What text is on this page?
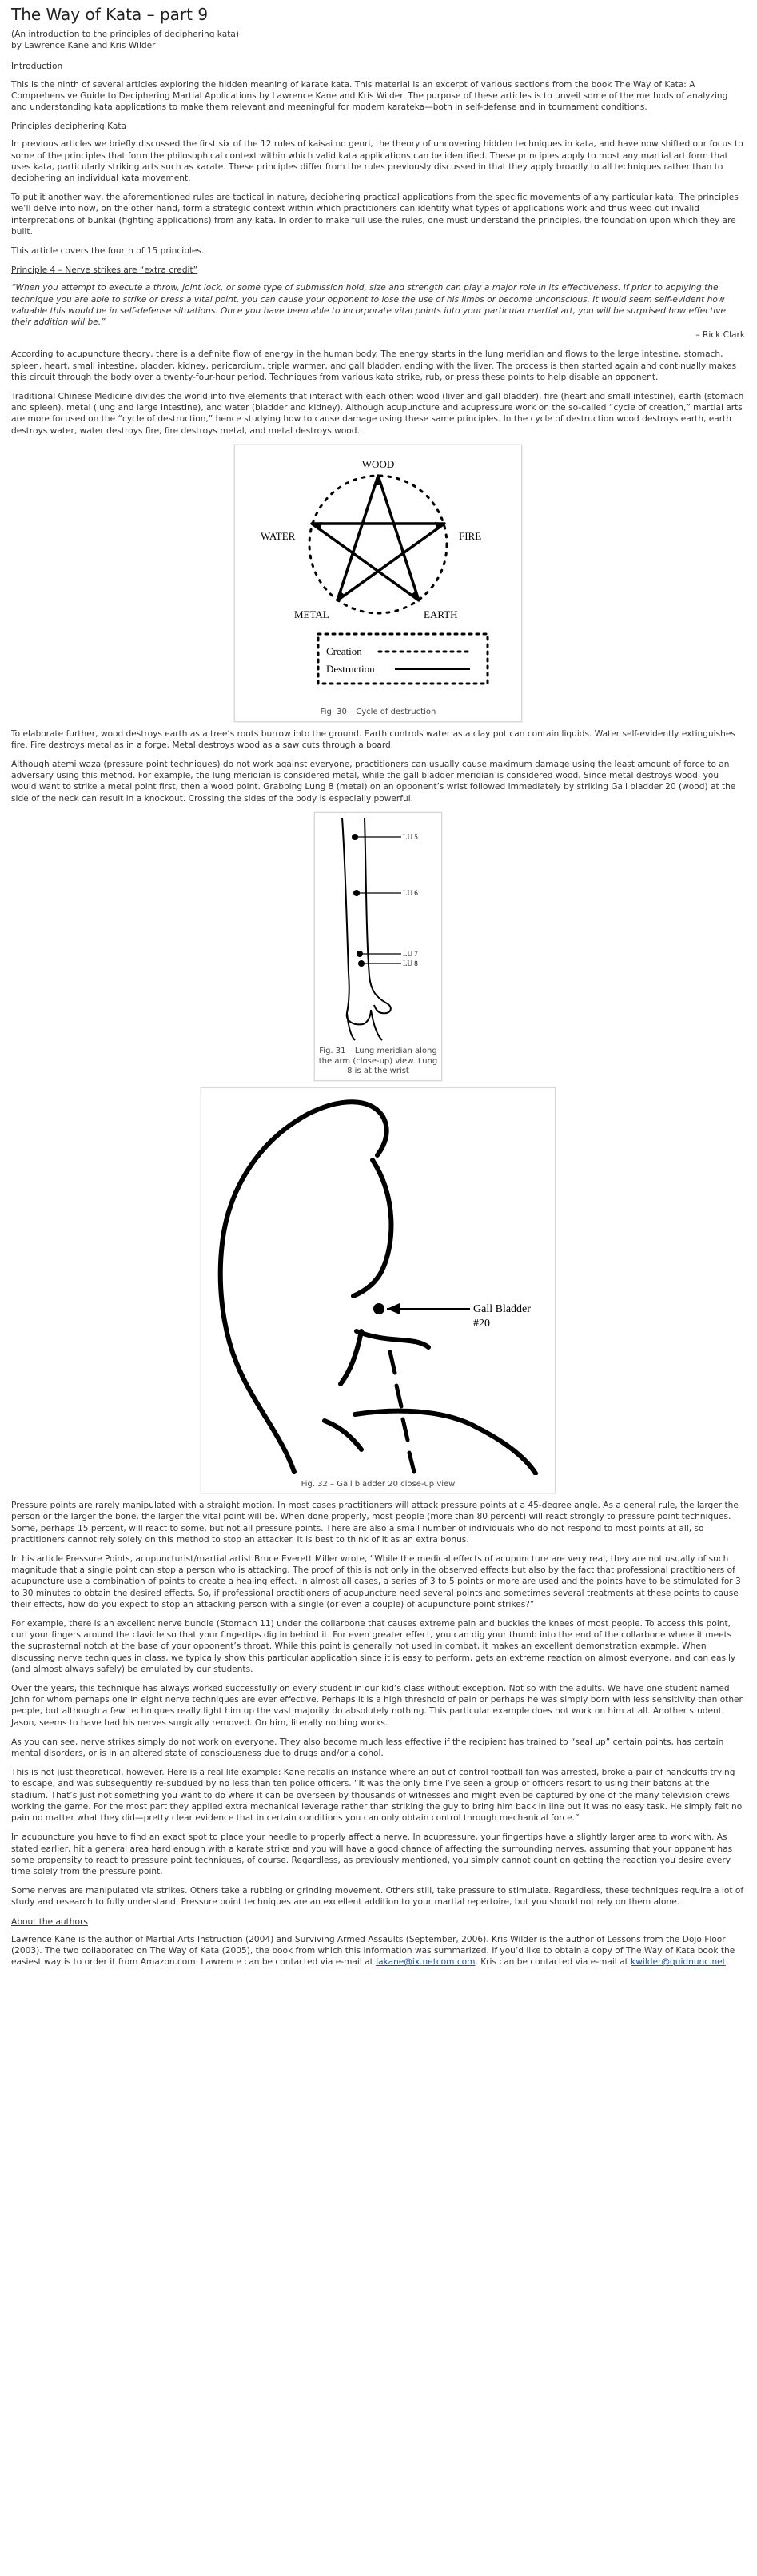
The Way of Kata – part 9
(An introduction to the principles of deciphering kata)
by Lawrence Kane and Kris Wilder
Introduction

This is the ninth of several articles exploring the hidden meaning of karate kata. This material is an excerpt of various sections from the book The Way of Kata: A Comprehensive Guide to Deciphering Martial Applications by Lawrence Kane and Kris Wilder. The purpose of these articles is to unveil some of the methods of analyzing and understanding kata applications to make them relevant and meaningful for modern karateka—both in self-defense and in tournament conditions.

Principles deciphering Kata

In previous articles we briefly discussed the first six of the 12 rules of kaisai no genri, the theory of uncovering hidden techniques in kata, and have now shifted our focus to some of the principles that form the philosophical context within which valid kata applications can be identified. These principles apply to most any martial art form that uses kata, particularly striking arts such as karate. These principles differ from the rules previously discussed in that they apply broadly to all techniques rather than to deciphering an individual kata movement.

To put it another way, the aforementioned rules are tactical in nature, deciphering practical applications from the specific movements of any particular kata. The principles we’ll delve into now, on the other hand, form a strategic context within which practitioners can identify what types of applications work and thus weed out invalid interpretations of bunkai (fighting applications) from any kata. In order to make full use the rules, one must understand the principles, the foundation upon which they are built.

This article covers the fourth of 15 principles.

Principle 4 – Nerve strikes are “extra credit”

“When you attempt to execute a throw, joint lock, or some type of submission hold, size and strength can play a major role in its effectiveness. If prior to applying the technique you are able to strike or press a vital point, you can cause your opponent to lose the use of his limbs or become unconscious. It would seem self-evident how valuable this would be in self-defense situations. Once you have been able to incorporate vital points into your particular martial art, you will be surprised how effective their addition will be.”

– Rick Clark

According to acupuncture theory, there is a definite flow of energy in the human body. The energy starts in the lung meridian and flows to the large intestine, stomach, spleen, heart, small intestine, bladder, kidney, pericardium, triple warmer, and gall bladder, ending with the liver. The process is then started again and continually makes this circuit through the body over a twenty-four-hour period. Techniques from various kata strike, rub, or press these points to help disable an opponent.

Traditional Chinese Medicine divides the world into five elements that interact with each other: wood (liver and gall bladder), fire (heart and small intestine), earth (stomach and spleen), metal (lung and large intestine), and water (bladder and kidney). Although acupuncture and acupressure work on the so-called “cycle of creation,” martial arts are more focused on the “cycle of destruction,” hence studying how to cause damage using these same principles. In the cycle of destruction wood destroys earth, earth destroys water, water destroys fire, fire destroys metal, and metal destroys wood.

WOOD
FIRE
EARTH
METAL
WATER
Creation
Destruction
Fig. 30 – Cycle of destruction

To elaborate further, wood destroys earth as a tree’s roots burrow into the ground. Earth controls water as a clay pot can contain liquids. Water self-evidently extinguishes fire. Fire destroys metal as in a forge. Metal destroys wood as a saw cuts through a board.

Although atemi waza (pressure point techniques) do not work against everyone, practitioners can usually cause maximum damage using the least amount of force to an adversary using this method. For example, the lung meridian is considered metal, while the gall bladder meridian is considered wood. Since metal destroys wood, you would want to strike a metal point first, then a wood point. Grabbing Lung 8 (metal) on an opponent’s wrist followed immediately by striking Gall bladder 20 (wood) at the side of the neck can result in a knockout. Crossing the sides of the body is especially powerful.

LU 5
LU 6
LU 7
LU 8
Fig. 31 – Lung meridian along
the arm (close-up) view. Lung
8 is at the wrist
Gall Bladder
#20
Fig. 32 – Gall bladder 20 close-up view

Pressure points are rarely manipulated with a straight motion. In most cases practitioners will attack pressure points at a 45-degree angle. As a general rule, the larger the person or the larger the bone, the larger the vital point will be. When done properly, most people (more than 80 percent) will react strongly to pressure point techniques. Some, perhaps 15 percent, will react to some, but not all pressure points. There are also a small number of individuals who do not respond to most points at all, so practitioners cannot rely solely on this method to stop an attacker. It is best to think of it as an extra bonus.

In his article Pressure Points, acupuncturist/martial artist Bruce Everett Miller wrote, “While the medical effects of acupuncture are very real, they are not usually of such magnitude that a single point can stop a person who is attacking. The proof of this is not only in the observed effects but also by the fact that professional practitioners of acupuncture use a combination of points to create a healing effect. In almost all cases, a series of 3 to 5 points or more are used and the points have to be stimulated for 3 to 30 minutes to obtain the desired effects. So, if professional practitioners of acupuncture need several points and sometimes several treatments at these points to cause their effects, how do you expect to stop an attacking person with a single (or even a couple) of acupuncture point strikes?”

For example, there is an excellent nerve bundle (Stomach 11) under the collarbone that causes extreme pain and buckles the knees of most people. To access this point, curl your fingers around the clavicle so that your fingertips dig in behind it. For even greater effect, you can dig your thumb into the end of the collarbone where it meets the suprasternal notch at the base of your opponent’s throat. While this point is generally not used in combat, it makes an excellent demonstration example. When discussing nerve techniques in class, we typically show this particular application since it is easy to perform, gets an extreme reaction on almost everyone, and can easily (and almost always safely) be emulated by our students.

Over the years, this technique has always worked successfully on every student in our kid’s class without exception. Not so with the adults. We have one student named John for whom perhaps one in eight nerve techniques are ever effective. Perhaps it is a high threshold of pain or perhaps he was simply born with less sensitivity than other people, but although a few techniques really light him up the vast majority do absolutely nothing. This particular example does not work on him at all. Another student, Jason, seems to have had his nerves surgically removed. On him, literally nothing works.

As you can see, nerve strikes simply do not work on everyone. They also become much less effective if the recipient has trained to “seal up” certain points, has certain mental disorders, or is in an altered state of consciousness due to drugs and/or alcohol.

This is not just theoretical, however. Here is a real life example: Kane recalls an instance where an out of control football fan was arrested, broke a pair of handcuffs trying to escape, and was subsequently re-subdued by no less than ten police officers. “It was the only time I’ve seen a group of officers resort to using their batons at the stadium. That’s just not something you want to do where it can be overseen by thousands of witnesses and might even be captured by one of the many television crews working the game. For the most part they applied extra mechanical leverage rather than striking the guy to bring him back in line but it was no easy task. He simply felt no pain no matter what they did—pretty clear evidence that in certain conditions you can only obtain control through mechanical force.”

In acupuncture you have to find an exact spot to place your needle to properly affect a nerve. In acupressure, your fingertips have a slightly larger area to work with. As stated earlier, hit a general area hard enough with a karate strike and you will have a good chance of affecting the surrounding nerves, assuming that your opponent has some propensity to react to pressure point techniques, of course. Regardless, as previously mentioned, you simply cannot count on getting the reaction you desire every time solely from the pressure point.

Some nerves are manipulated via strikes. Others take a rubbing or grinding movement. Others still, take pressure to stimulate. Regardless, these techniques require a lot of study and research to fully understand. Pressure point techniques are an excellent addition to your martial repertoire, but you should not rely on them alone.

About the authors

Lawrence Kane is the author of Martial Arts Instruction (2004) and Surviving Armed Assaults (September, 2006). Kris Wilder is the author of Lessons from the Dojo Floor (2003). The two collaborated on The Way of Kata (2005), the book from which this information was summarized. If you’d like to obtain a copy of The Way of Kata book the easiest way is to order it from Amazon.com. Lawrence can be contacted via e-mail at lakane@ix.netcom.com. Kris can be contacted via e-mail at kwilder@quidnunc.net.
